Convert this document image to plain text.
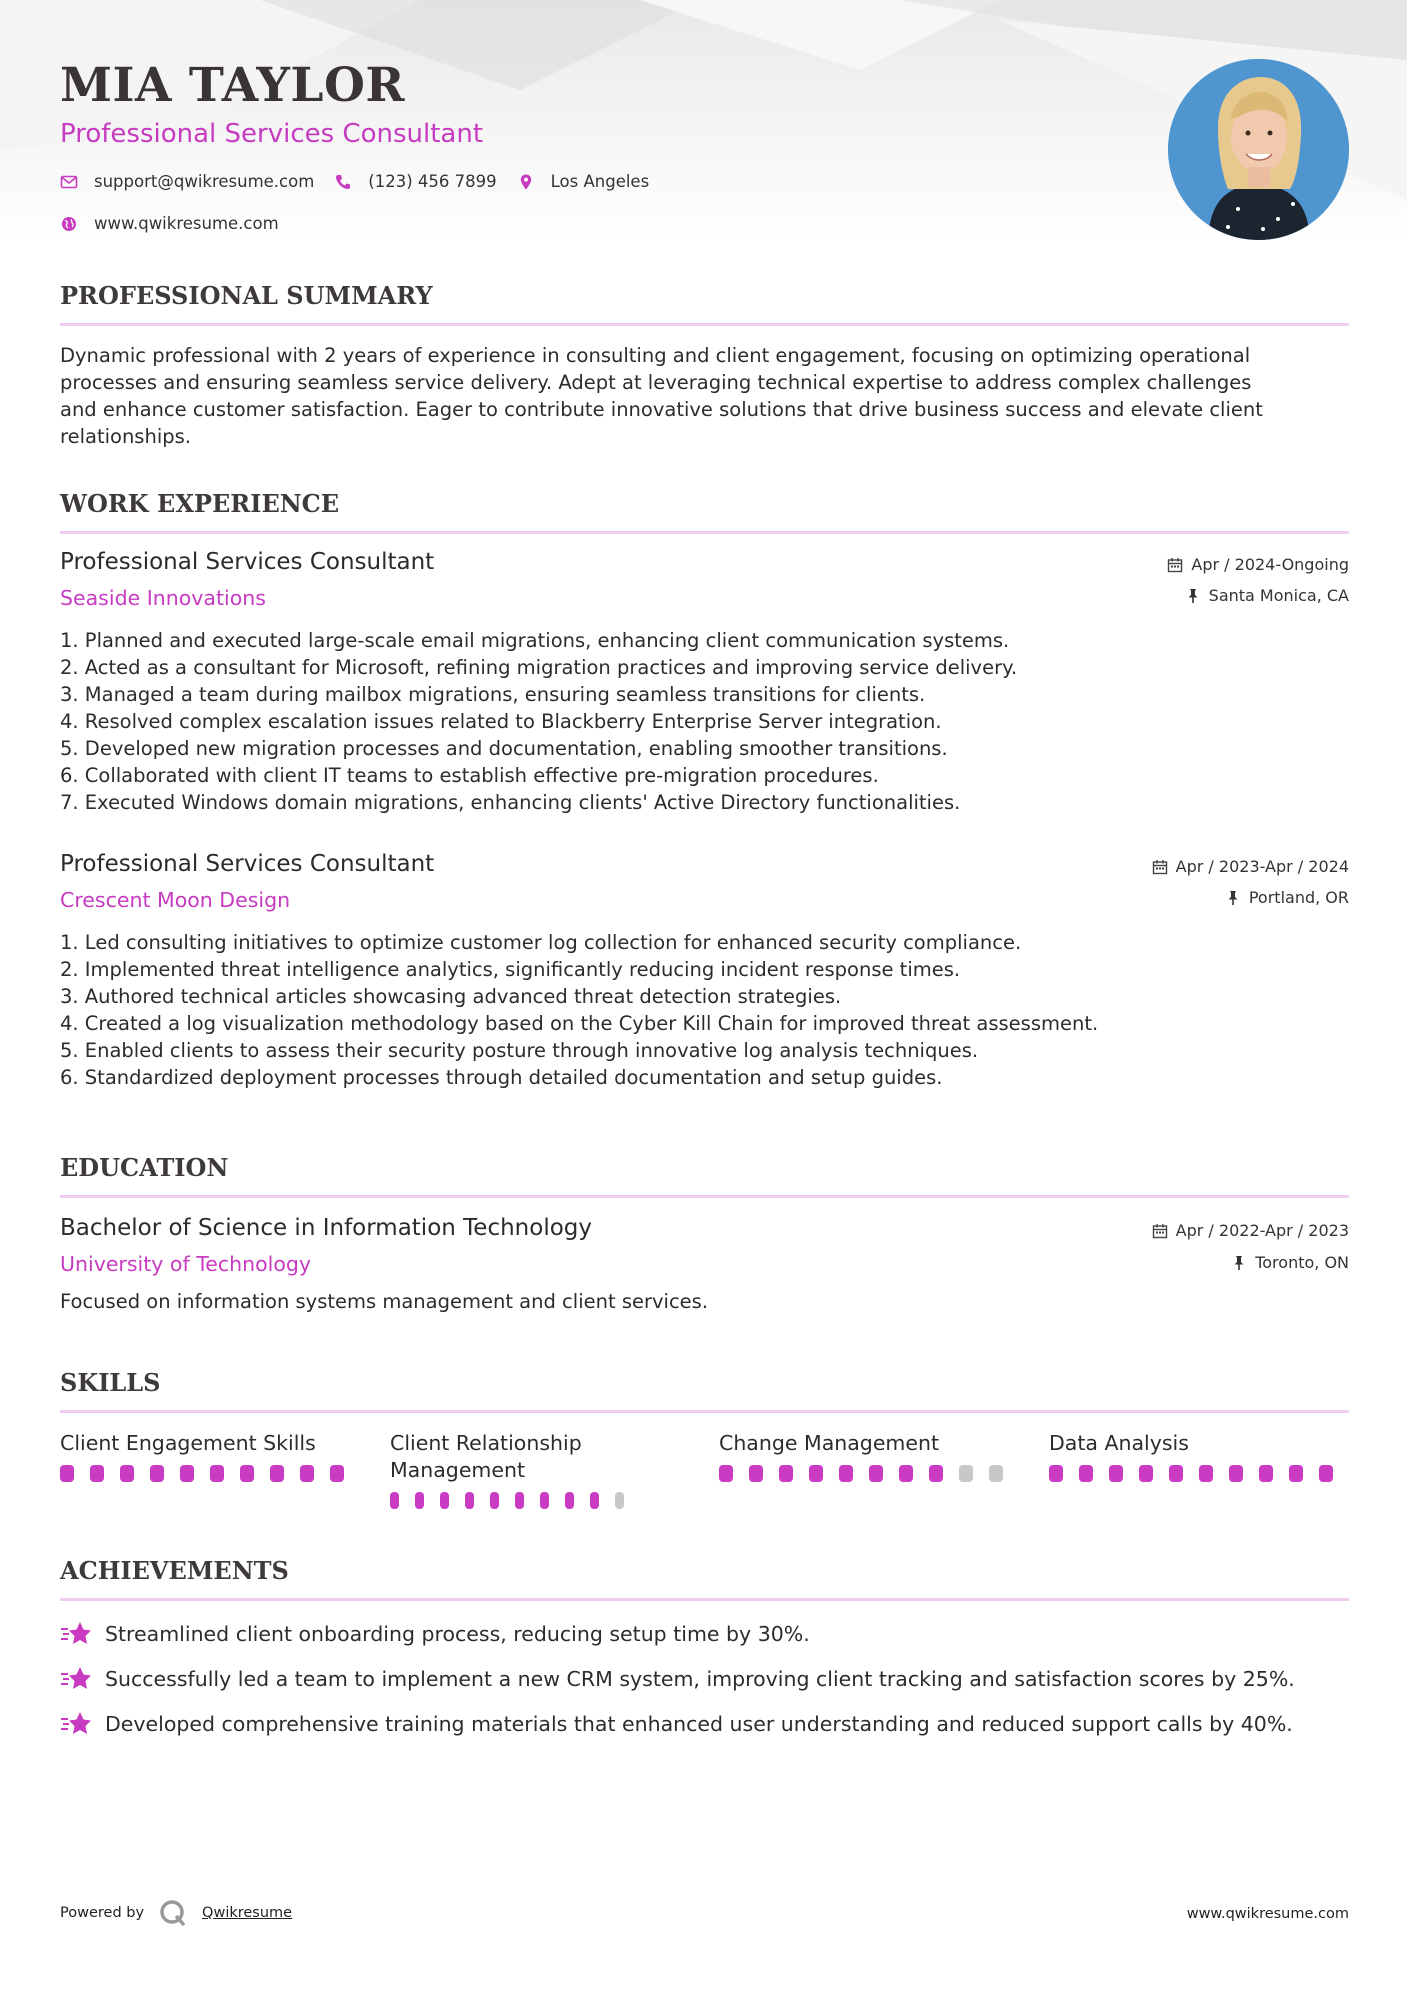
MIA TAYLOR
Professional Services Consultant
support@qwikresume.com	(123) 456 7899	Los Angeles
www.qwikresume.com
PROFESSIONAL SUMMARY
Dynamic professional with 2 years of experience in consulting and client engagement, focusing on optimizing operational
processes and ensuring seamless service delivery. Adept at leveraging technical expertise to address complex challenges
and enhance customer satisfaction. Eager to contribute innovative solutions that drive business success and elevate client
relationships.
WORK EXPERIENCE
Professional Services Consultant
Seaside Innovations
Apr / 2024-Ongoing
Santa Monica, CA
1. Planned and executed large-scale email migrations, enhancing client communication systems.
2. Acted as a consultant for Microsoft, refining migration practices and improving service delivery.
3. Managed a team during mailbox migrations, ensuring seamless transitions for clients.
4. Resolved complex escalation issues related to Blackberry Enterprise Server integration.
5. Developed new migration processes and documentation, enabling smoother transitions.
6. Collaborated with client IT teams to establish effective pre-migration procedures.
7. Executed Windows domain migrations, enhancing clients' Active Directory functionalities.
Professional Services Consultant
Crescent Moon Design
Apr / 2023-Apr / 2024
Portland, OR
1. Led consulting initiatives to optimize customer log collection for enhanced security compliance.
2. Implemented threat intelligence analytics, significantly reducing incident response times.
3. Authored technical articles showcasing advanced threat detection strategies.
4. Created a log visualization methodology based on the Cyber Kill Chain for improved threat assessment.
5. Enabled clients to assess their security posture through innovative log analysis techniques.
6. Standardized deployment processes through detailed documentation and setup guides.
EDUCATION
Bachelor of Science in Information Technology
University of Technology
Apr / 2022-Apr / 2023
Toronto, ON
Focused on information systems management and client services.
SKILLS
Client Engagement Skills	Client Relationship Management
Change Management	Data Analysis
ACHIEVEMENTS
Streamlined client onboarding process, reducing setup time by 30%.
Successfully led a team to implement a new CRM system, improving client tracking and satisfaction scores by 25%.
Developed comprehensive training materials that enhanced user understanding and reduced support calls by 40%.
Powered by	Qwikresume	www.qwikresume.com
